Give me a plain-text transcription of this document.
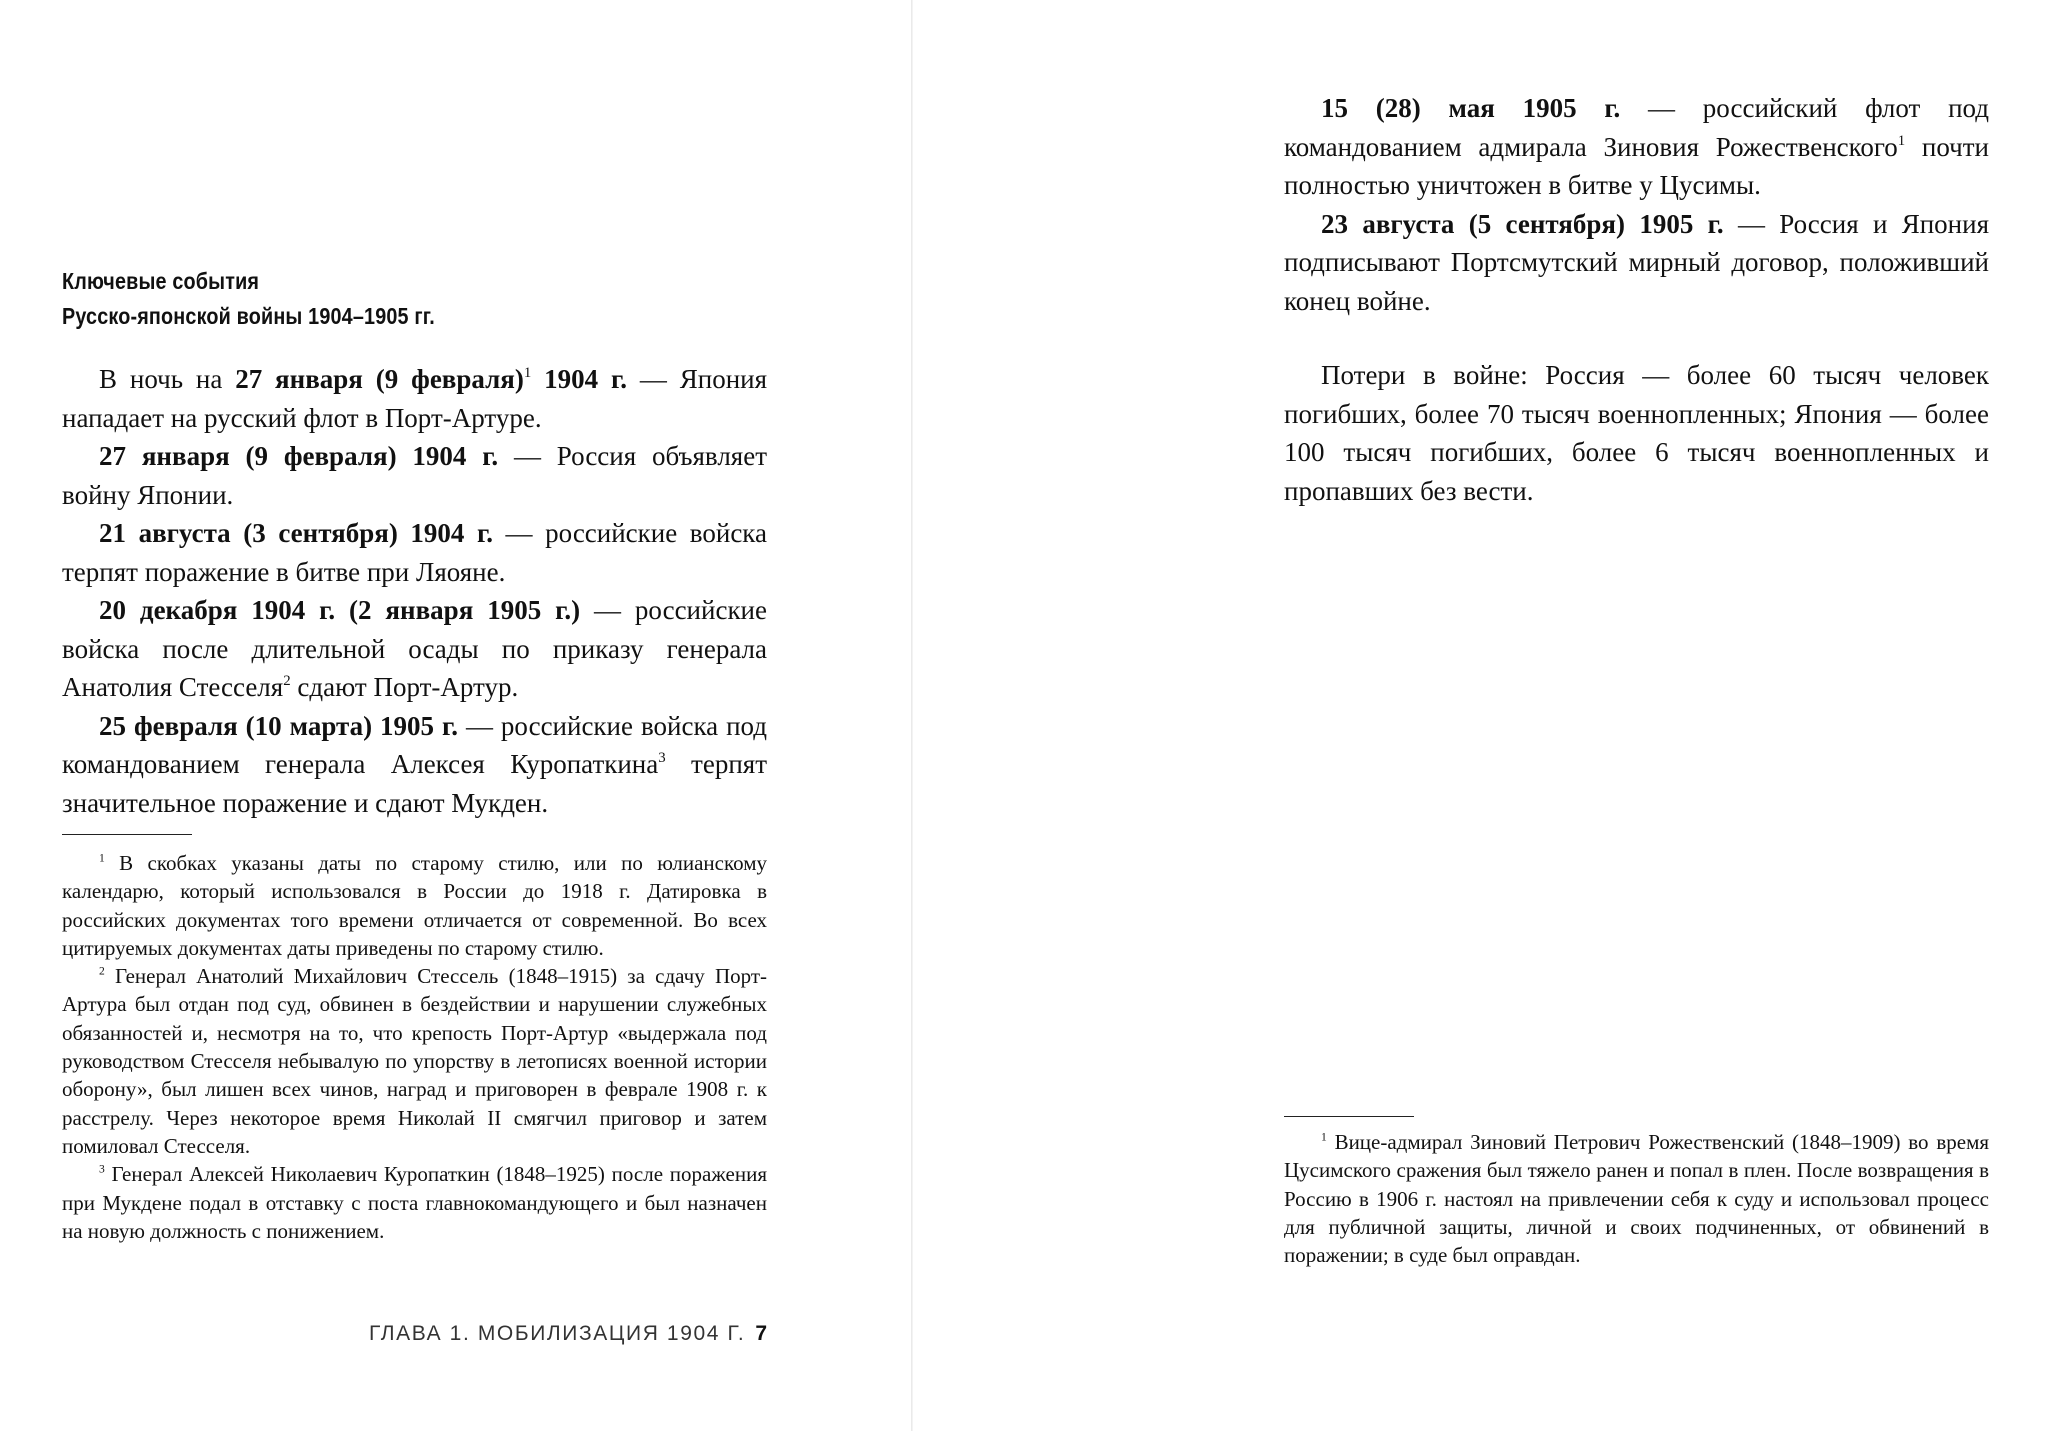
Ключевые события
Русско-японской войны 1904–1905 гг.

В ночь на 27 января (9 февраля)$^1$ 1904 г. — Япония нападает на русский флот в Порт-Артуре.

27 января (9 февраля) 1904 г. — Россия объявляет войну Японии.

21 августа (3 сентября) 1904 г. — российские войска терпят поражение в битве при Ляояне.

20 декабря 1904 г. (2 января 1905 г.) — российские войска после длительной осады по приказу генерала Анатолия Стесселя$^2$ сдают Порт-Артур.

25 февраля (10 марта) 1905 г. — российские войска под командованием генерала Алексея Куропаткина$^3$ терпят значительное поражение и сдают Мукден.

$^1$ В скобках указаны даты по старому стилю, или по юлианскому календарю, который использовался в России до 1918 г. Датировка в российских документах того времени отличается от современной. Во всех цитируемых документах даты приведены по старому стилю.

$^2$ Генерал Анатолий Михайлович Стессель (1848–1915) за сдачу Порт-Артура был отдан под суд, обвинен в бездействии и нарушении служебных обязанностей и, несмотря на то, что крепость Порт-Артур «выдержала под руководством Стесселя небывалую по упорству в летописях военной истории оборону», был лишен всех чинов, наград и приговорен в феврале 1908 г. к расстрелу. Через некоторое время Николай II смягчил приговор и затем помиловал Стесселя.

$^3$ Генерал Алексей Николаевич Куропаткин (1848–1925) после поражения при Мукдене подал в отставку с поста главнокомандующего и был назначен на новую должность с понижением.

ГЛАВА 1. МОБИЛИЗАЦИЯ 1904 Г. 7

15 (28) мая 1905 г. — российский флот под командованием адмирала Зиновия Рожественского$^1$ почти полностью уничтожен в битве у Цусимы.

23 августа (5 сентября) 1905 г. — Россия и Япония подписывают Портсмутский мирный договор, положивший конец войне.

Потери в войне: Россия — более 60 тысяч человек погибших, более 70 тысяч военнопленных; Япония — более 100 тысяч погибших, более 6 тысяч военнопленных и пропавших без вести.

$^1$ Вице-адмирал Зиновий Петрович Рожественский (1848–1909) во время Цусимского сражения был тяжело ранен и попал в плен. После возвращения в Россию в 1906 г. настоял на привлечении себя к суду и использовал процесс для публичной защиты, личной и своих подчиненных, от обвинений в поражении; в суде был оправдан.
